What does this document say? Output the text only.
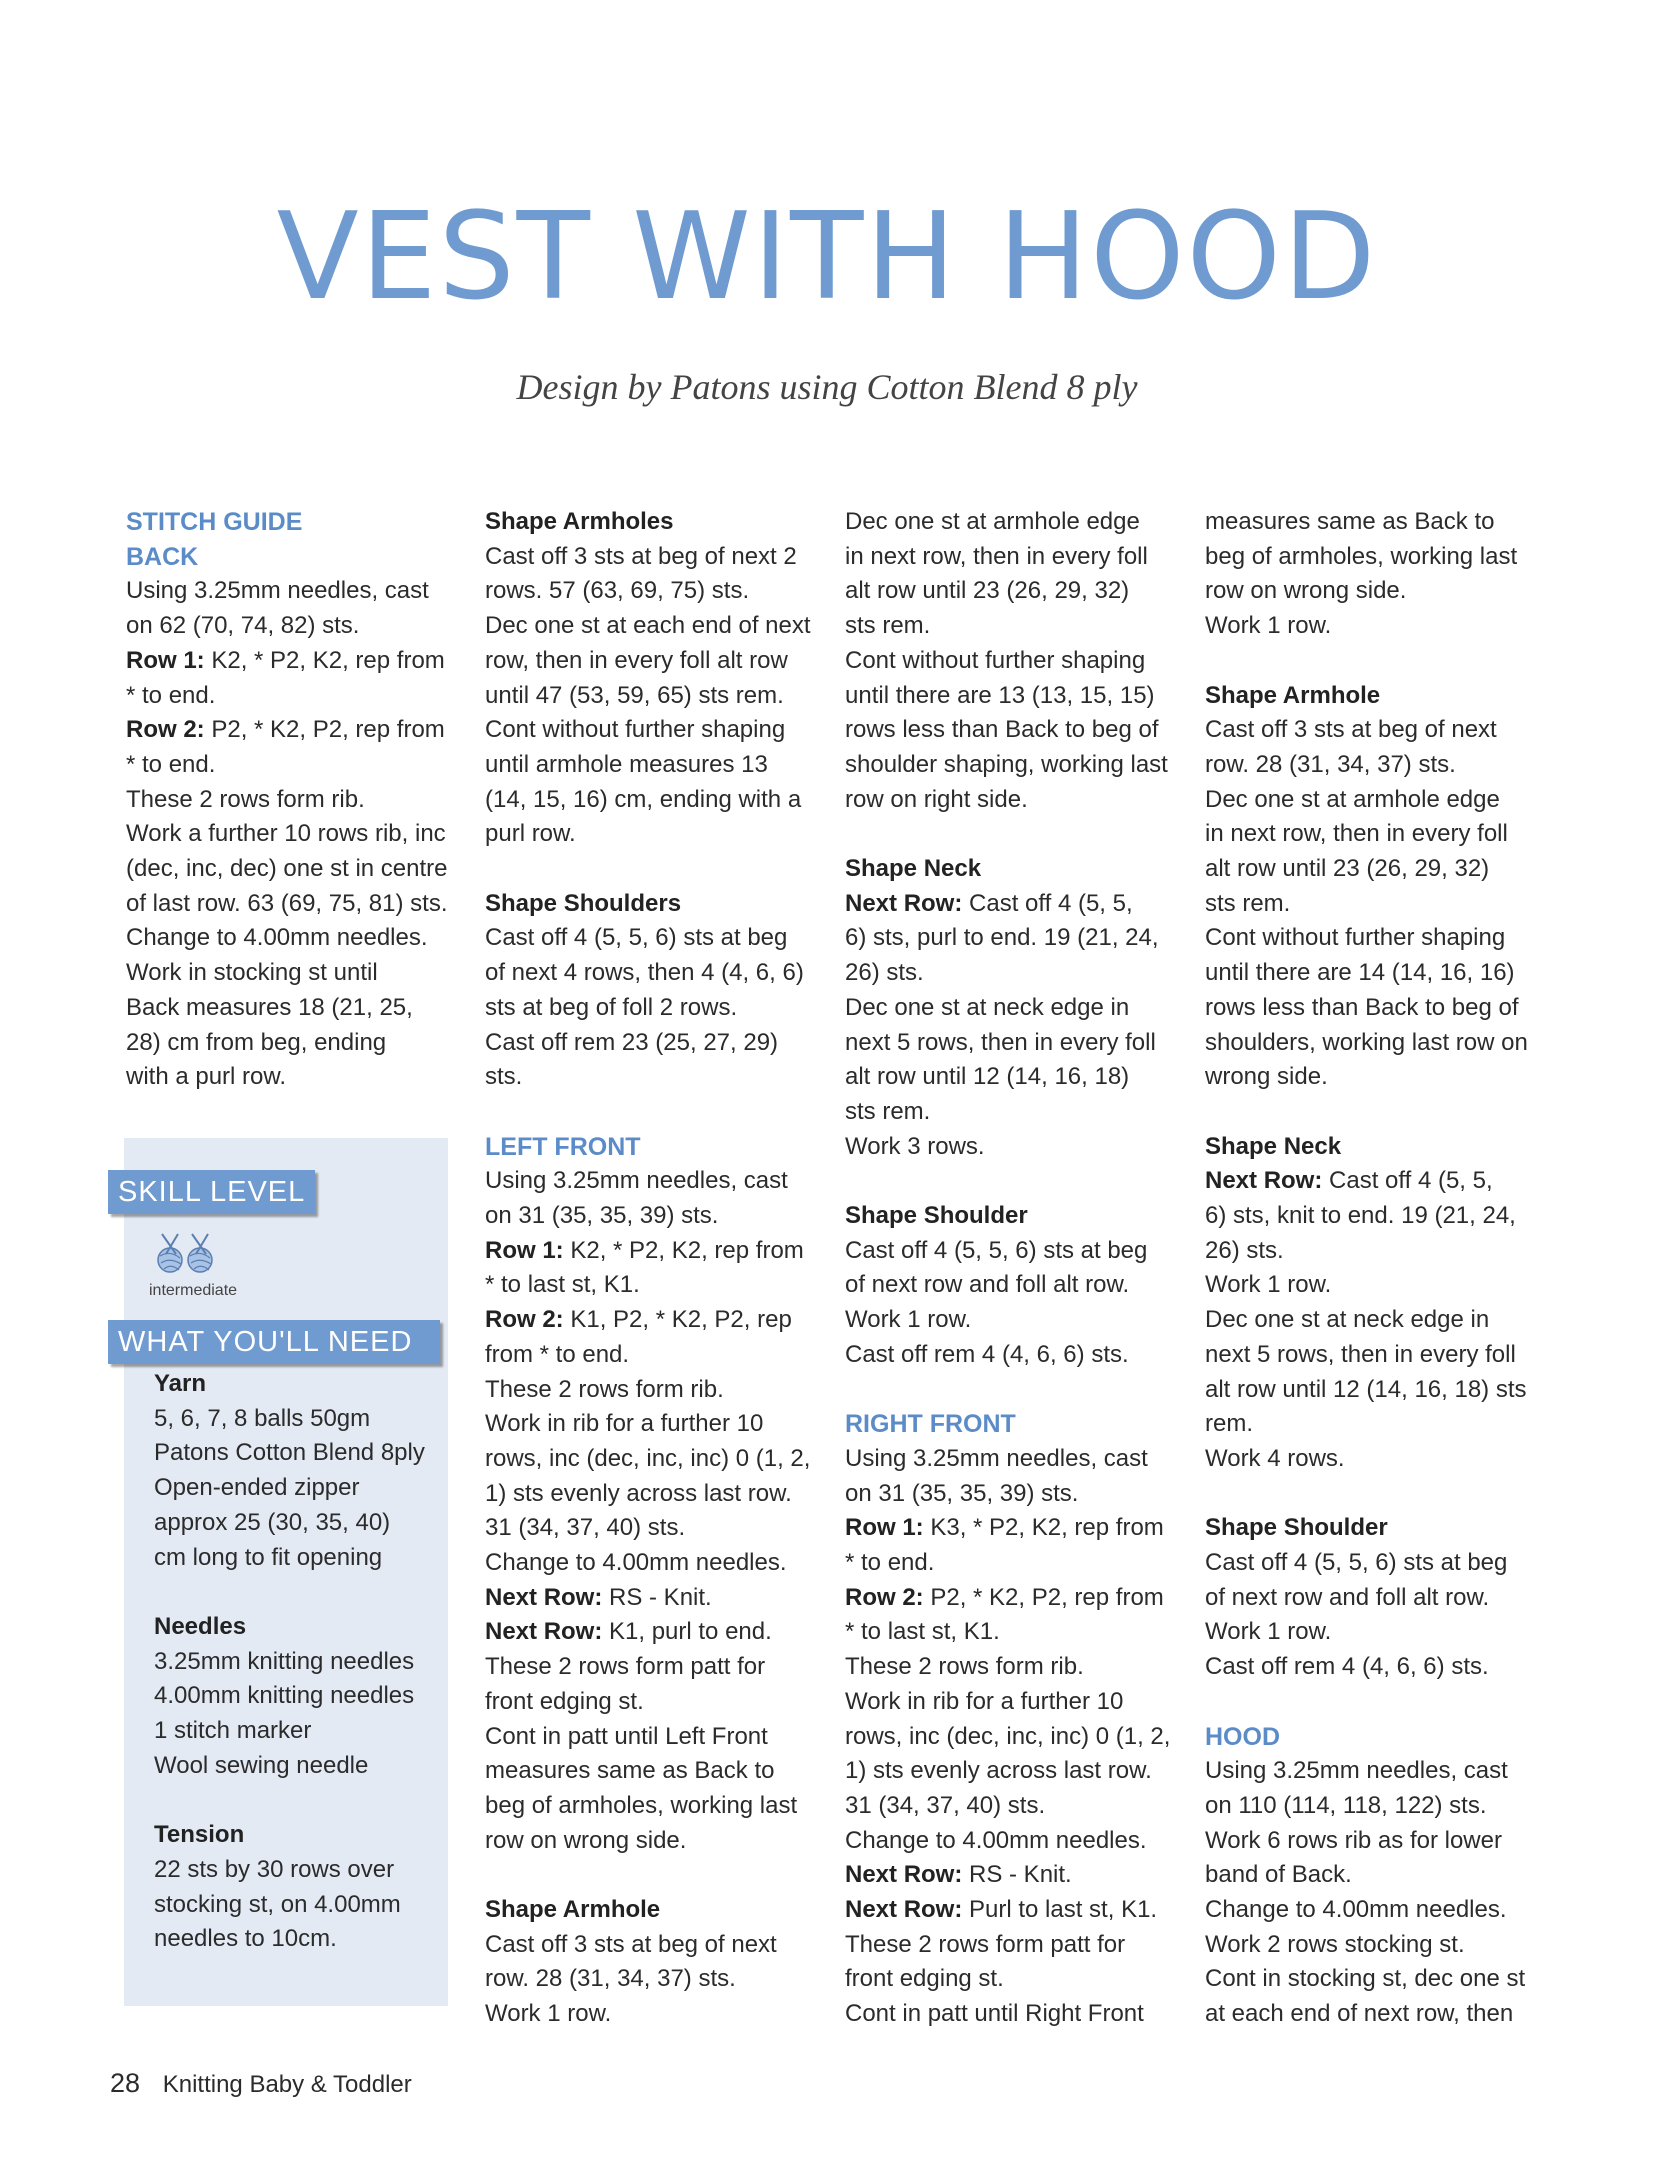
VEST WITH HOOD

Design by Patons using Cotton Blend 8 ply

STITCH GUIDE

BACK

Using 3.25mm needles, cast

on 62 (70, 74, 82) sts.

Row 1: K2, * P2, K2, rep from

* to end.

Row 2: P2, * K2, P2, rep from

* to end.

These 2 rows form rib.

Work a further 10 rows rib, inc

(dec, inc, dec) one st in centre

of last row. 63 (69, 75, 81) sts.

Change to 4.00mm needles.

Work in stocking st until

Back measures 18 (21, 25,

28) cm from beg, ending

with a purl row.

SKILL LEVEL
intermediate
WHAT YOU'LL NEED

Yarn

5, 6, 7, 8 balls 50gm

Patons Cotton Blend 8ply

Open-ended zipper

approx 25 (30, 35, 40)

cm long to fit opening

Needles

3.25mm knitting needles

4.00mm knitting needles

1 stitch marker

Wool sewing needle

Tension

22 sts by 30 rows over

stocking st, on 4.00mm

needles to 10cm.

Shape Armholes

Cast off 3 sts at beg of next 2

rows. 57 (63, 69, 75) sts.

Dec one st at each end of next

row, then in every foll alt row

until 47 (53, 59, 65) sts rem.

Cont without further shaping

until armhole measures 13

(14, 15, 16) cm, ending with a

purl row.

Shape Shoulders

Cast off 4 (5, 5, 6) sts at beg

of next 4 rows, then 4 (4, 6, 6)

sts at beg of foll 2 rows.

Cast off rem 23 (25, 27, 29)

sts.

LEFT FRONT

Using 3.25mm needles, cast

on 31 (35, 35, 39) sts.

Row 1: K2, * P2, K2, rep from

* to last st, K1.

Row 2: K1, P2, * K2, P2, rep

from * to end.

These 2 rows form rib.

Work in rib for a further 10

rows, inc (dec, inc, inc) 0 (1, 2,

1) sts evenly across last row.

31 (34, 37, 40) sts.

Change to 4.00mm needles.

Next Row: RS - Knit.

Next Row: K1, purl to end.

These 2 rows form patt for

front edging st.

Cont in patt until Left Front

measures same as Back to

beg of armholes, working last

row on wrong side.

Shape Armhole

Cast off 3 sts at beg of next

row. 28 (31, 34, 37) sts.

Work 1 row.

Dec one st at armhole edge

in next row, then in every foll

alt row until 23 (26, 29, 32)

sts rem.

Cont without further shaping

until there are 13 (13, 15, 15)

rows less than Back to beg of

shoulder shaping, working last

row on right side.

Shape Neck

Next Row: Cast off 4 (5, 5,

6) sts, purl to end. 19 (21, 24,

26) sts.

Dec one st at neck edge in

next 5 rows, then in every foll

alt row until 12 (14, 16, 18)

sts rem.

Work 3 rows.

Shape Shoulder

Cast off 4 (5, 5, 6) sts at beg

of next row and foll alt row.

Work 1 row.

Cast off rem 4 (4, 6, 6) sts.

RIGHT FRONT

Using 3.25mm needles, cast

on 31 (35, 35, 39) sts.

Row 1: K3, * P2, K2, rep from

* to end.

Row 2: P2, * K2, P2, rep from

* to last st, K1.

These 2 rows form rib.

Work in rib for a further 10

rows, inc (dec, inc, inc) 0 (1, 2,

1) sts evenly across last row.

31 (34, 37, 40) sts.

Change to 4.00mm needles.

Next Row: RS - Knit.

Next Row: Purl to last st, K1.

These 2 rows form patt for

front edging st.

Cont in patt until Right Front

measures same as Back to

beg of armholes, working last

row on wrong side.

Work 1 row.

Shape Armhole

Cast off 3 sts at beg of next

row. 28 (31, 34, 37) sts.

Dec one st at armhole edge

in next row, then in every foll

alt row until 23 (26, 29, 32)

sts rem.

Cont without further shaping

until there are 14 (14, 16, 16)

rows less than Back to beg of

shoulders, working last row on

wrong side.

Shape Neck

Next Row: Cast off 4 (5, 5,

6) sts, knit to end. 19 (21, 24,

26) sts.

Work 1 row.

Dec one st at neck edge in

next 5 rows, then in every foll

alt row until 12 (14, 16, 18) sts

rem.

Work 4 rows.

Shape Shoulder

Cast off 4 (5, 5, 6) sts at beg

of next row and foll alt row.

Work 1 row.

Cast off rem 4 (4, 6, 6) sts.

HOOD

Using 3.25mm needles, cast

on 110 (114, 118, 122) sts.

Work 6 rows rib as for lower

band of Back.

Change to 4.00mm needles.

Work 2 rows stocking st.

Cont in stocking st, dec one st

at each end of next row, then

28 Knitting Baby & Toddler
